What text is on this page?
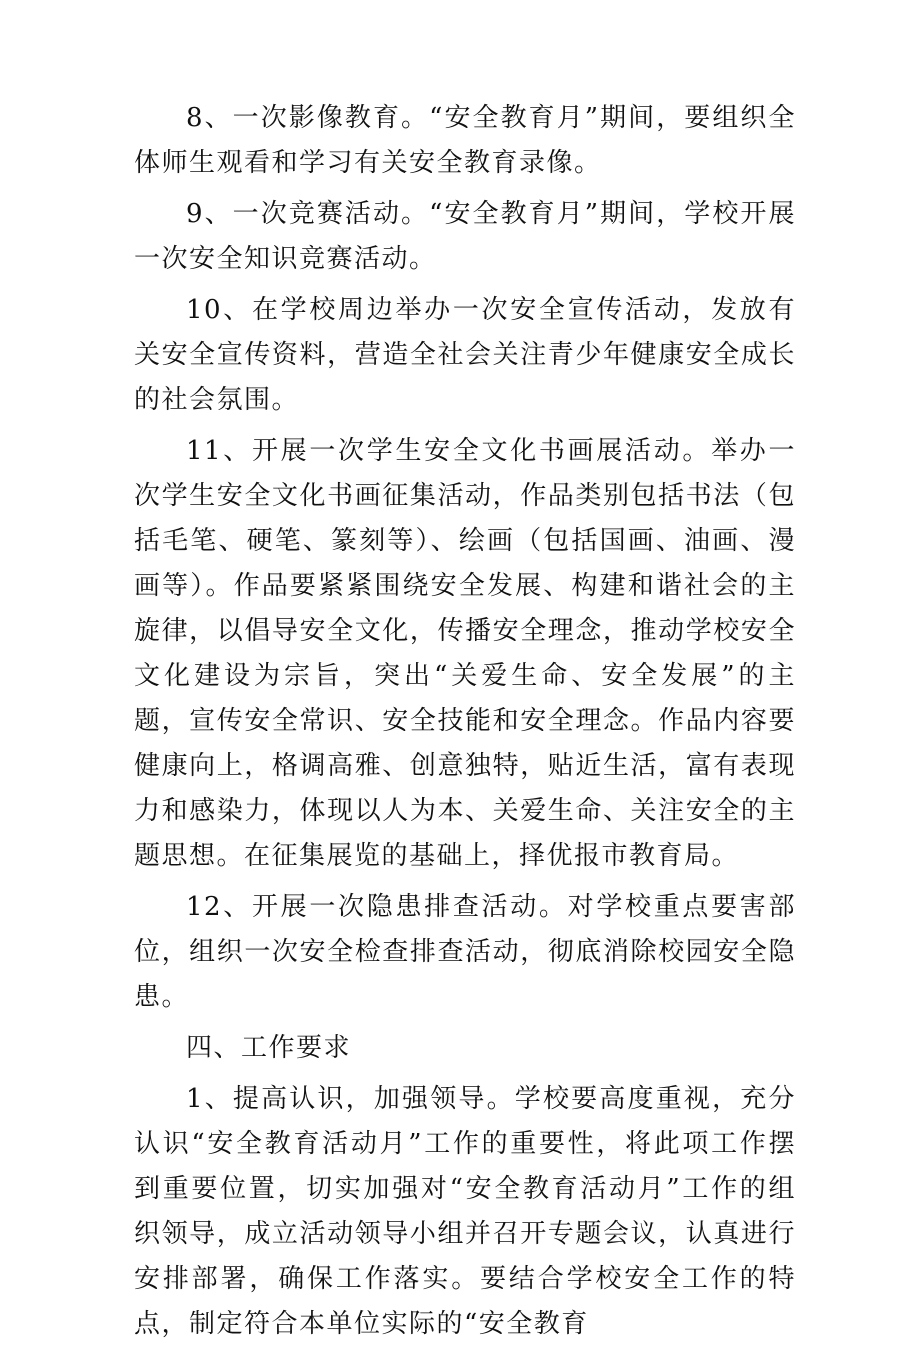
8、一次影像教育。“安全教育月”期间，要组织全体师生观看和学习有关安全教育录像。

9、一次竞赛活动。“安全教育月”期间，学校开展一次安全知识竞赛活动。

10、在学校周边举办一次安全宣传活动，发放有关安全宣传资料，营造全社会关注青少年健康安全成长的社会氛围。

11、开展一次学生安全文化书画展活动。举办一次学生安全文化书画征集活动，作品类别包括书法（包括毛笔、硬笔、篆刻等）、绘画（包括国画、油画、漫画等）。作品要紧紧围绕安全发展、构建和谐社会的主旋律，以倡导安全文化，传播安全理念，推动学校安全文化建设为宗旨，突出“关爱生命、安全发展”的主题，宣传安全常识、安全技能和安全理念。作品内容要健康向上，格调高雅、创意独特，贴近生活，富有表现力和感染力，体现以人为本、关爱生命、关注安全的主题思想。在征集展览的基础上，择优报市教育局。

12、开展一次隐患排查活动。对学校重点要害部位，组织一次安全检查排查活动，彻底消除校园安全隐患。

四、工作要求

1、提高认识，加强领导。学校要高度重视，充分认识“安全教育活动月”工作的重要性，将此项工作摆到重要位置，切实加强对“安全教育活动月”工作的组织领导，成立活动领导小组并召开专题会议，认真进行安排部署，确保工作落实。要结合学校安全工作的特点，制定符合本单位实际的“安全教育
